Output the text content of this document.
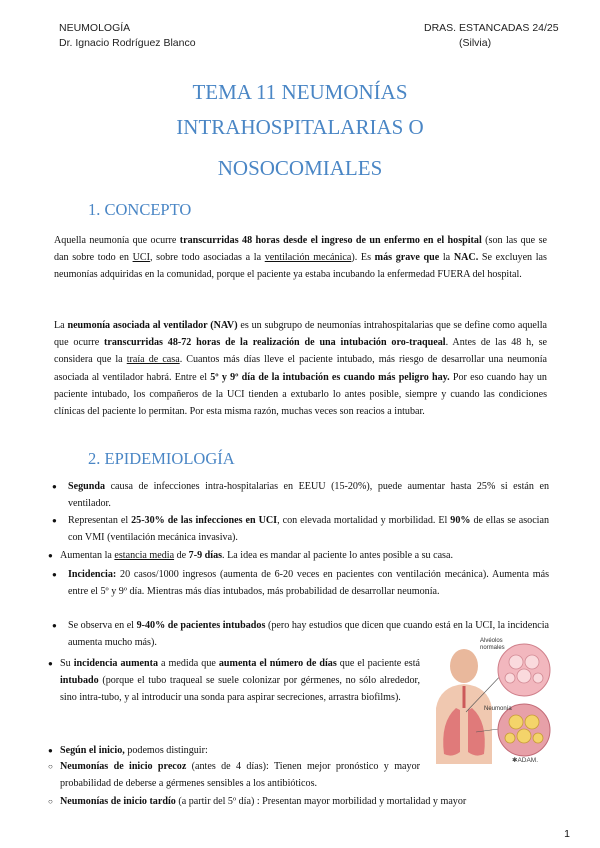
NEUMOLOGÍA
Dr. Ignacio Rodríguez Blanco
DRAS. ESTANCADAS 24/25
(Silvia)
TEMA 11 NEUMONÍAS
INTRAHOSPITALARIAS O
NOSOCOMIALES
1. CONCEPTO
Aquella neumonía que ocurre transcurridas 48 horas desde el ingreso de un enfermo en el hospital (son las que se dan sobre todo en UCI, sobre todo asociadas a la ventilación mecánica). Es más grave que la NAC. Se excluyen las neumonías adquiridas en la comunidad, porque el paciente ya estaba incubando la enfermedad FUERA del hospital.
La neumonía asociada al ventilador (NAV) es un subgrupo de neumonías intrahospitalarias que se define como aquella que ocurre transcurridas 48-72 horas de la realización de una intubación oro-traqueal. Antes de las 48 h, se considera que la traía de casa. Cuantos más días lleve el paciente intubado, más riesgo de desarrollar una neumonía asociada al ventilador habrá. Entre el 5º y 9º día de la intubación es cuando más peligro hay. Por eso cuando hay un paciente intubado, los compañeros de la UCI tienden a extubarlo lo antes posible, siempre y cuando las condiciones clínicas del paciente lo permitan. Por esta misma razón, muchas veces son reacios a intubar.
2. EPIDEMIOLOGÍA
●	Segunda causa de infecciones intra-hospitalarias en EEUU (15-20%), puede aumentar hasta 25% si están en ventilador.
●	Representan el 25-30% de las infecciones en UCI, con elevada mortalidad y morbilidad. El 90% de ellas se asocian con VMI (ventilación mecánica invasiva).
● Aumentan la estancia media de 7-9 días. La idea es mandar al paciente lo antes posible a su casa.
●	Incidencia: 20 casos/1000 ingresos (aumenta de 6-20 veces en pacientes con ventilación mecánica). Aumenta más entre el 5º y 9º día. Mientras más días intubados, más probabilidad de desarrollar neumonía.
●	Se observa en el 9-40% de pacientes intubados (pero hay estudios que dicen que cuando está en la UCI, la incidencia aumenta mucho más).
● Su incidencia aumenta a medida que aumenta el número de días que el paciente está intubado (porque el tubo traqueal se suele colonizar por gérmenes, no sólo alrededor, sino intra-tubo, y al introducir una sonda para aspirar secreciones, arrastra biofilms).
● Según el inicio, podemos distinguir:
○ Neumonías de inicio precoz (antes de 4 días): Tienen mejor pronóstico y mayor probabilidad de deberse a gérmenes sensibles a los antibióticos.
○ Neumonías de inicio tardío (a partir del 5º día) : Presentan mayor morbilidad y mortalidad y mayor
Alvéolos normales
Neumonía
✱ADAM.
1
